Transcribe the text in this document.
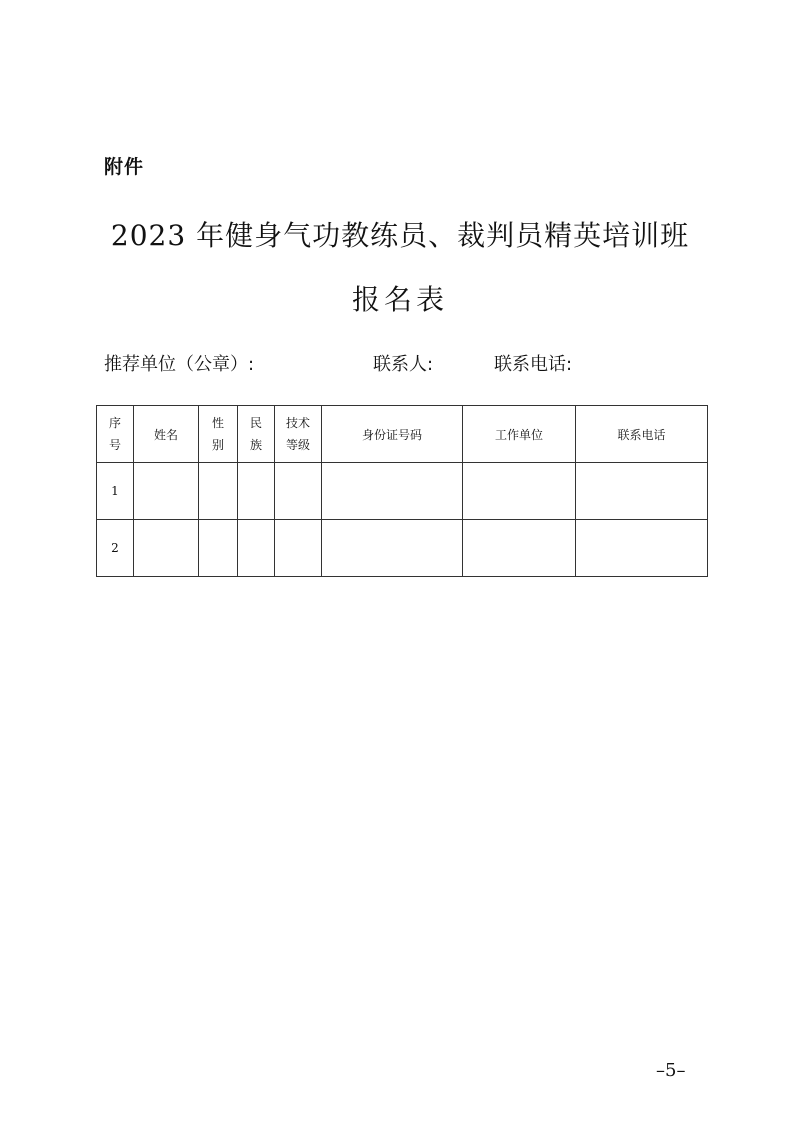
附件
2023 年健身气功教练员、裁判员精英培训班
报名表
推荐单位（公章）:	联系人:	联系电话:
序号	姓名	性别	民族	技术等级	身份证号码	工作单位	联系电话
1							
2							
–5–
